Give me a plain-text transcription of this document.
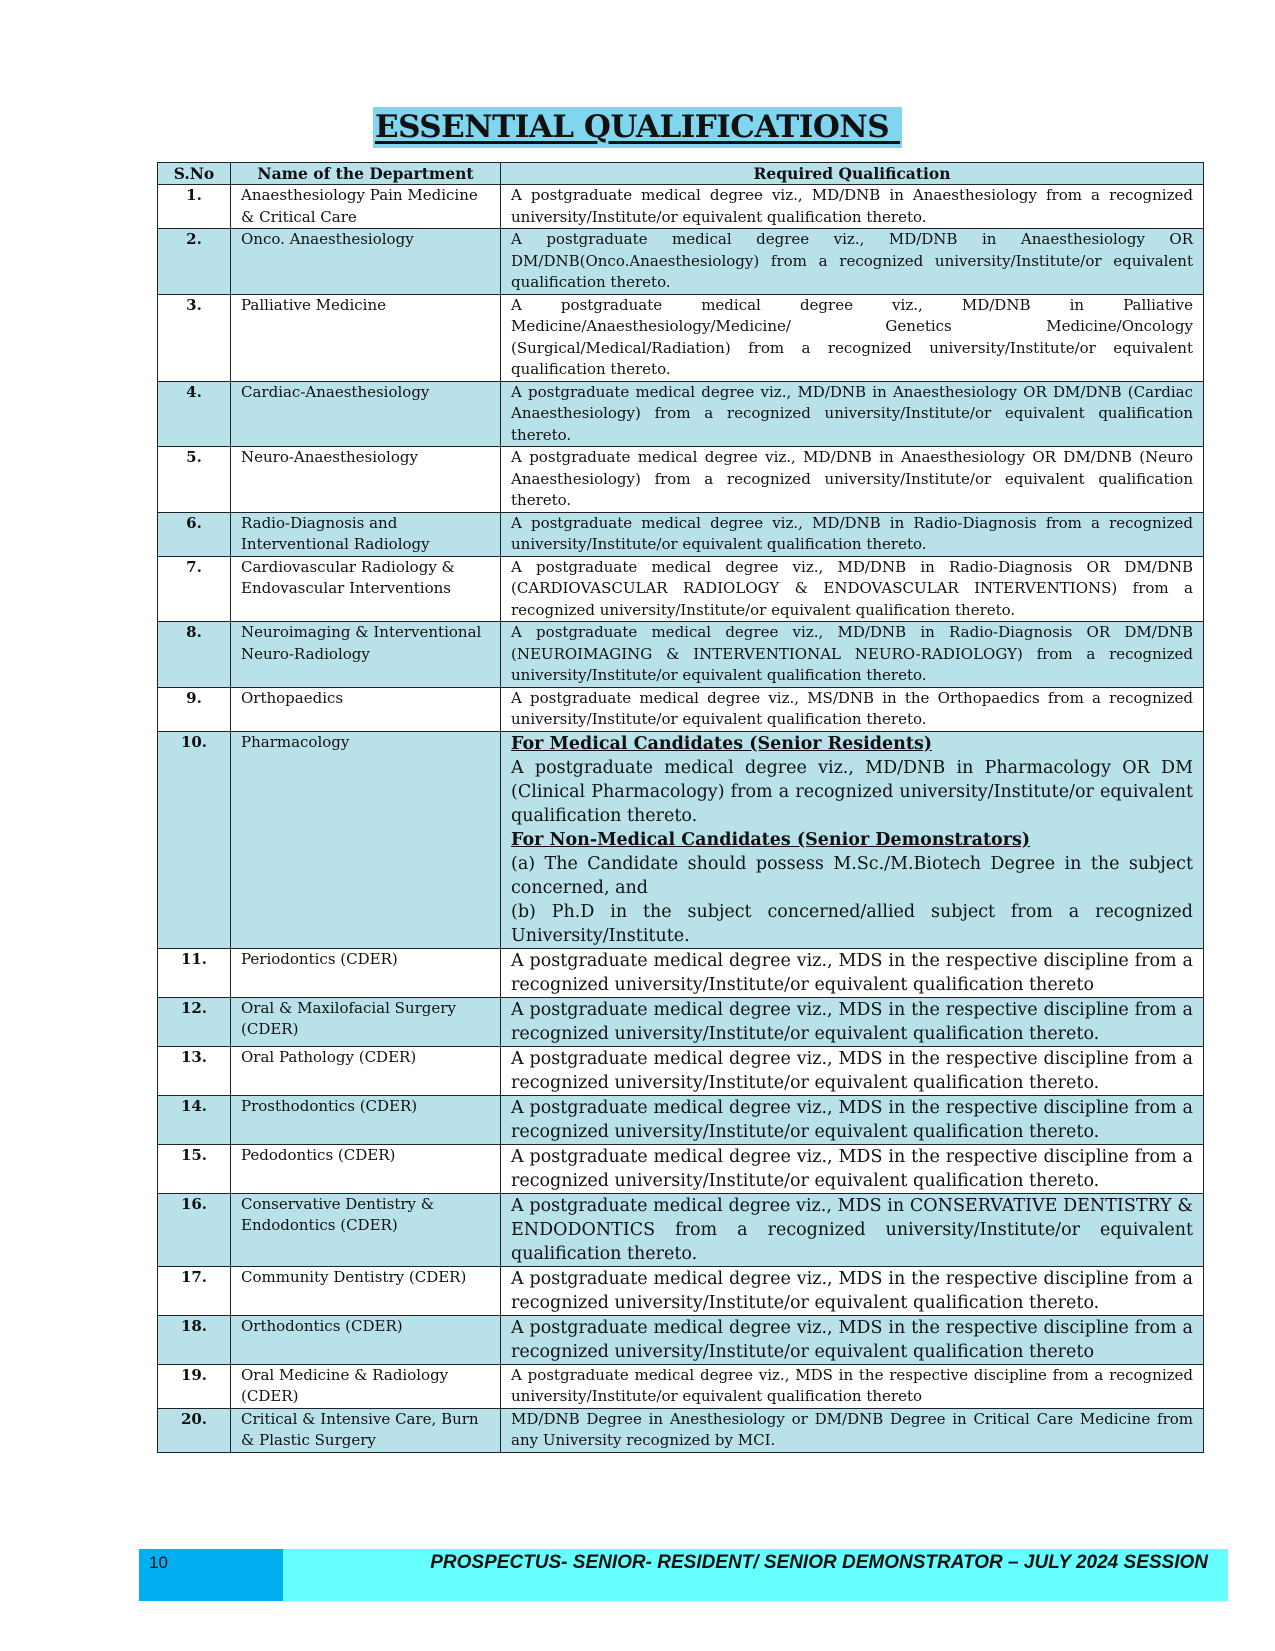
ESSENTIAL QUALIFICATIONS:
S.No	Name of the Department	Required Qualification
1.	Anaesthesiology Pain Medicine & Critical Care	A postgraduate medical degree viz., MD/DNB in Anaesthesiology from a recognized university/Institute/or equivalent qualification thereto.
2.	Onco. Anaesthesiology	A postgraduate medical degree viz., MD/DNB in Anaesthesiology OR DM/DNB(Onco.Anaesthesiology) from a recognized university/Institute/or equivalent qualification thereto.
3.	Palliative Medicine	A postgraduate medical degree viz., MD/DNB in Palliative Medicine/Anaesthesiology/Medicine/ Genetics Medicine/Oncology (Surgical/Medical/Radiation) from a recognized university/Institute/or equivalent qualification thereto.
4.	Cardiac-Anaesthesiology	A postgraduate medical degree viz., MD/DNB in Anaesthesiology OR DM/DNB (Cardiac Anaesthesiology) from a recognized university/Institute/or equivalent qualification thereto.
5.	Neuro-Anaesthesiology	A postgraduate medical degree viz., MD/DNB in Anaesthesiology OR DM/DNB (Neuro Anaesthesiology) from a recognized university/Institute/or equivalent qualification thereto.
6.	Radio-Diagnosis and Interventional Radiology	A postgraduate medical degree viz., MD/DNB in Radio-Diagnosis from a recognized university/Institute/or equivalent qualification thereto.
7.	Cardiovascular Radiology & Endovascular Interventions	A postgraduate medical degree viz., MD/DNB in Radio-Diagnosis OR DM/DNB (CARDIOVASCULAR RADIOLOGY & ENDOVASCULAR INTERVENTIONS) from a recognized university/Institute/or equivalent qualification thereto.
8.	Neuroimaging & Interventional Neuro-Radiology	A postgraduate medical degree viz., MD/DNB in Radio-Diagnosis OR DM/DNB (NEUROIMAGING & INTERVENTIONAL NEURO-RADIOLOGY) from a recognized university/Institute/or equivalent qualification thereto.
9.	Orthopaedics	A postgraduate medical degree viz., MS/DNB in the Orthopaedics from a recognized university/Institute/or equivalent qualification thereto.
10.	Pharmacology	For Medical Candidates (Senior Residents)
A postgraduate medical degree viz., MD/DNB in Pharmacology OR DM (Clinical Pharmacology) from a recognized university/Institute/or equivalent qualification thereto.
For Non-Medical Candidates (Senior Demonstrators)
(a) The Candidate should possess M.Sc./M.Biotech Degree in the subject concerned, and
(b) Ph.D in the subject concerned/allied subject from a recognized University/Institute.

11.	Periodontics (CDER)	A postgraduate medical degree viz., MDS in the respective discipline from a recognized university/Institute/or equivalent qualification thereto
12.	Oral & Maxilofacial Surgery (CDER)	A postgraduate medical degree viz., MDS in the respective discipline from a recognized university/Institute/or equivalent qualification thereto.
13.	Oral Pathology (CDER)	A postgraduate medical degree viz., MDS in the respective discipline from a recognized university/Institute/or equivalent qualification thereto.
14.	Prosthodontics (CDER)	A postgraduate medical degree viz., MDS in the respective discipline from a recognized university/Institute/or equivalent qualification thereto.
15.	Pedodontics (CDER)	A postgraduate medical degree viz., MDS in the respective discipline from a recognized university/Institute/or equivalent qualification thereto.
16.	Conservative Dentistry & Endodontics (CDER)	A postgraduate medical degree viz., MDS in CONSERVATIVE DENTISTRY & ENDODONTICS from a recognized university/Institute/or equivalent qualification thereto.
17.	Community Dentistry (CDER)	A postgraduate medical degree viz., MDS in the respective discipline from a recognized university/Institute/or equivalent qualification thereto.
18.	Orthodontics (CDER)	A postgraduate medical degree viz., MDS in the respective discipline from a recognized university/Institute/or equivalent qualification thereto
19.	Oral Medicine & Radiology (CDER)	A postgraduate medical degree viz., MDS in the respective discipline from a recognized university/Institute/or equivalent qualification thereto
20.	Critical & Intensive Care, Burn & Plastic Surgery	MD/DNB Degree in Anesthesiology or DM/DNB Degree in Critical Care Medicine from any University recognized by MCI.
10	PROSPECTUS- SENIOR- RESIDENT/ SENIOR DEMONSTRATOR – JULY 2024 SESSION
